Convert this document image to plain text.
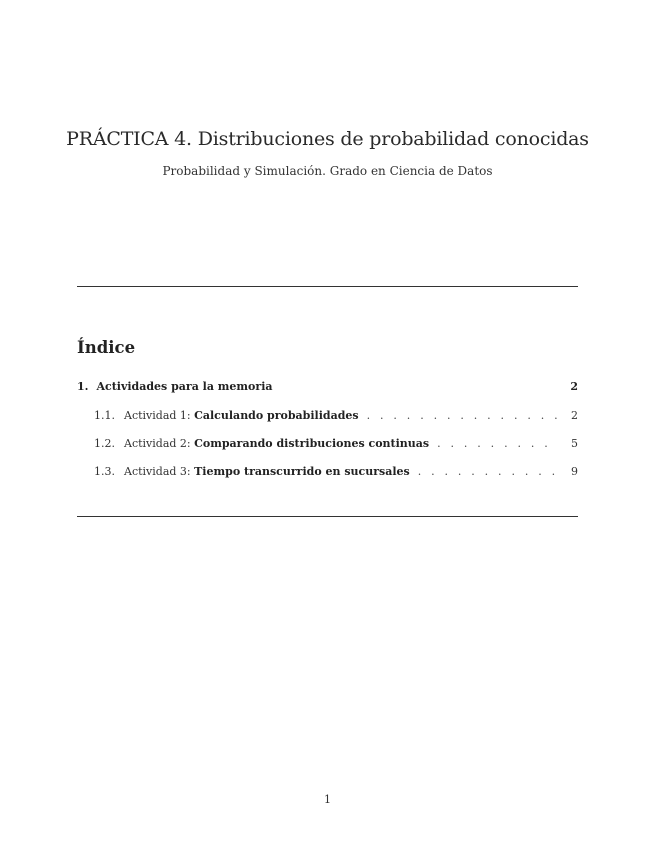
PRÁCTICA 4. Distribuciones de probabilidad conocidas
Probabilidad y Simulación. Grado en Ciencia de Datos
Índice
1. Actividades para la memoria	2
1.1. Actividad 1: Calculando probabilidades . . .	2
1.2. Actividad 2: Comparando distribuciones continuas . . .	5
1.3. Actividad 3: Tiempo transcurrido en sucursales . . .	9
1
